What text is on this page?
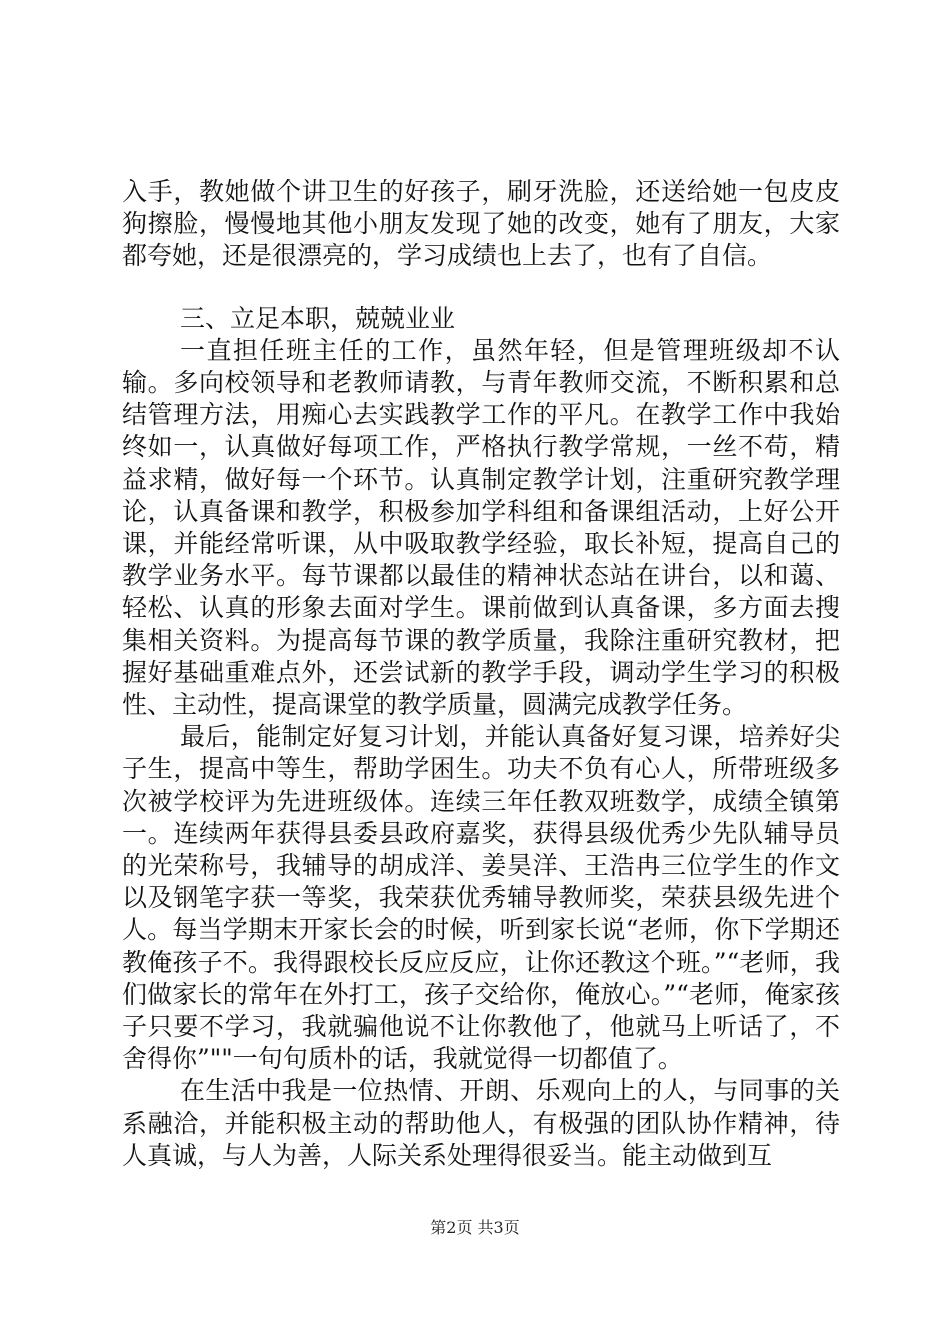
入手，教她做个讲卫生的好孩子，刷牙洗脸，还送给她一包皮皮狗擦脸，慢慢地其他小朋友发现了她的改变，她有了朋友，大家都夸她，还是很漂亮的，学习成绩也上去了，也有了自信。

三、立足本职，兢兢业业

一直担任班主任的工作，虽然年轻，但是管理班级却不认输。多向校领导和老教师请教，与青年教师交流，不断积累和总结管理方法，用痴心去实践教学工作的平凡。在教学工作中我始终如一，认真做好每项工作，严格执行教学常规，一丝不苟，精益求精，做好每一个环节。认真制定教学计划，注重研究教学理论，认真备课和教学，积极参加学科组和备课组活动，上好公开课，并能经常听课，从中吸取教学经验，取长补短，提高自己的教学业务水平。每节课都以最佳的精神状态站在讲台，以和蔼、轻松、认真的形象去面对学生。课前做到认真备课，多方面去搜集相关资料。为提高每节课的教学质量，我除注重研究教材，把握好基础重难点外，还尝试新的教学手段，调动学生学习的积极性、主动性，提高课堂的教学质量，圆满完成教学任务。

最后，能制定好复习计划，并能认真备好复习课，培养好尖子生，提高中等生，帮助学困生。功夫不负有心人，所带班级多次被学校评为先进班级体。连续三年任教双班数学，成绩全镇第一。连续两年获得县委县政府嘉奖，获得县级优秀少先队辅导员的光荣称号，我辅导的胡成洋、姜昊洋、王浩冉三位学生的作文以及钢笔字获一等奖，我荣获优秀辅导教师奖，荣获县级先进个人。每当学期末开家长会的时候，听到家长说“老师，你下学期还教俺孩子不。我得跟校长反应反应，让你还教这个班。”“老师，我们做家长的常年在外打工，孩子交给你，俺放心。”“老师，俺家孩子只要不学习，我就骗他说不让你教他了，他就马上听话了，不舍得你”""一句句质朴的话，我就觉得一切都值了。

在生活中我是一位热情、开朗、乐观向上的人，与同事的关系融洽，并能积极主动的帮助他人，有极强的团队协作精神，待人真诚，与人为善，人际关系处理得很妥当。能主动做到互

第2页 共3页
